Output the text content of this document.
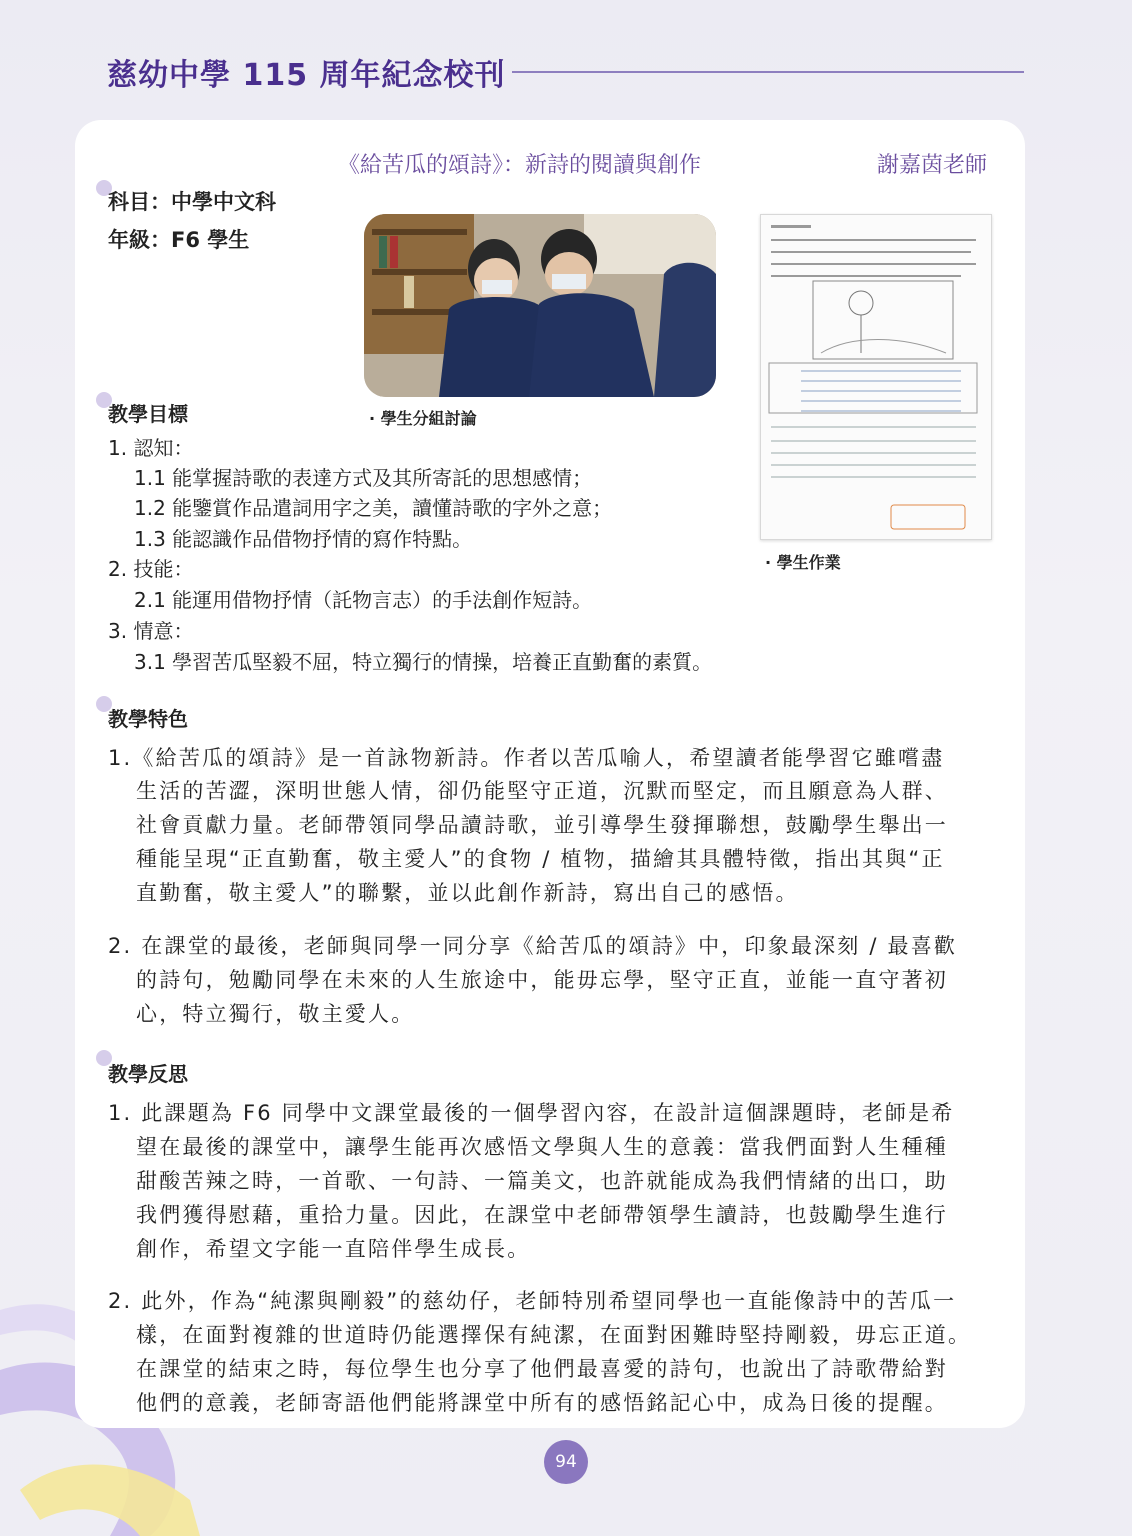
慈幼中學 115 周年紀念校刊
《給苦瓜的頌詩》：新詩的閱讀與創作	謝嘉茵老師
科目：中學中文科
年級：F6 學生
· 學生分組討論
· 學生作業
教學目標
1. 認知：
1.1 能掌握詩歌的表達方式及其所寄託的思想感情；
1.2 能鑒賞作品遣詞用字之美，讀懂詩歌的字外之意；
1.3 能認識作品借物抒情的寫作特點。
2. 技能：
2.1 能運用借物抒情（託物言志）的手法創作短詩。
3. 情意：
3.1 學習苦瓜堅毅不屈，特立獨行的情操，培養正直勤奮的素質。
教學特色
1.《給苦瓜的頌詩》是一首詠物新詩。作者以苦瓜喻人，希望讀者能學習它雖嚐盡
生活的苦澀，深明世態人情，卻仍能堅守正道，沉默而堅定，而且願意為人群、
社會貢獻力量。老師帶領同學品讀詩歌，並引導學生發揮聯想，鼓勵學生舉出一
種能呈現“正直勤奮，敬主愛人”的食物 / 植物，描繪其具體特徵，指出其與“正
直勤奮，敬主愛人”的聯繫，並以此創作新詩，寫出自己的感悟。
2. 在課堂的最後，老師與同學一同分享《給苦瓜的頌詩》中，印象最深刻 / 最喜歡
的詩句，勉勵同學在未來的人生旅途中，能毋忘學，堅守正直，並能一直守著初
心，特立獨行，敬主愛人。
教學反思
1. 此課題為 F6 同學中文課堂最後的一個學習內容，在設計這個課題時，老師是希
望在最後的課堂中，讓學生能再次感悟文學與人生的意義：當我們面對人生種種
甜酸苦辣之時，一首歌、一句詩、一篇美文，也許就能成為我們情緒的出口，助
我們獲得慰藉，重拾力量。因此，在課堂中老師帶領學生讀詩，也鼓勵學生進行
創作，希望文字能一直陪伴學生成長。
2. 此外，作為“純潔與剛毅”的慈幼仔，老師特別希望同學也一直能像詩中的苦瓜一
樣，在面對複雜的世道時仍能選擇保有純潔，在面對困難時堅持剛毅，毋忘正道。
在課堂的結束之時，每位學生也分享了他們最喜愛的詩句，也說出了詩歌帶給對
他們的意義，老師寄語他們能將課堂中所有的感悟銘記心中，成為日後的提醒。
94
